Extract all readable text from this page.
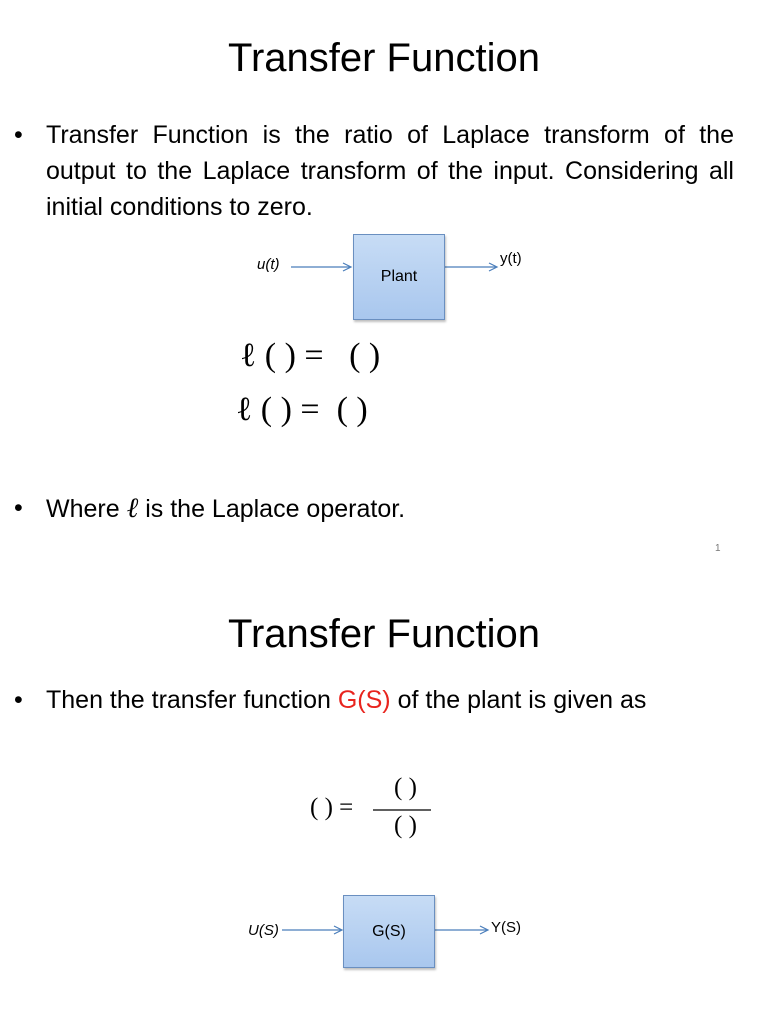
Transfer Function
• Transfer Function is the ratio of Laplace transform of the output to the Laplace transform of the input. Considering all initial conditions to zero.
u(t)
Plant
y(t)
ℓ ( ) =   ( )
ℓ ( ) =  ( )
• Where ℓ is the Laplace operator.
1
Transfer Function
• Then the transfer function G(S) of the plant is given as
( ) =
( )
( )
U(S)	G(S)	Y(S)
